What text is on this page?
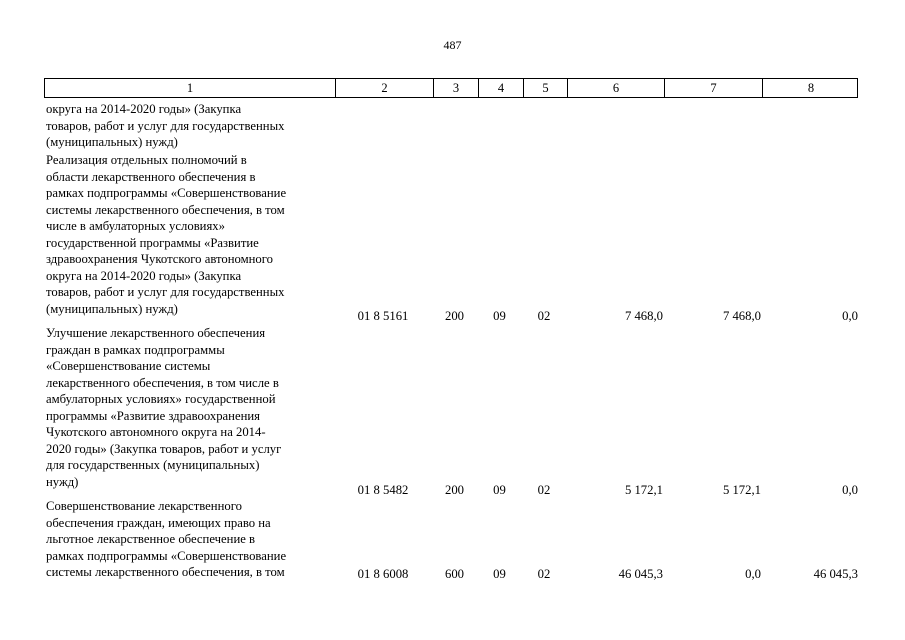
487
1	2	3	4	5	6	7	8
округа на 2014-2020 годы» (Закупка
товаров, работ и услуг для государственных
(муниципальных) нужд)
Реализация отдельных полномочий в
области лекарственного обеспечения в
рамках подпрограммы «Совершенствование
системы лекарственного обеспечения, в том
числе в амбулаторных условиях»
государственной программы «Развитие
здравоохранения Чукотского автономного
округа на 2014-2020 годы» (Закупка
товаров, работ и услуг для государственных
(муниципальных) нужд)
01 8 5161	200	09	02	7 468,0	7 468,0	0,0
Улучшение лекарственного обеспечения
граждан в рамках подпрограммы
«Совершенствование системы
лекарственного обеспечения, в том числе в
амбулаторных условиях» государственной
программы «Развитие здравоохранения
Чукотского автономного округа на 2014-
2020 годы» (Закупка товаров, работ и услуг
для государственных (муниципальных)
нужд)
01 8 5482	200	09	02	5 172,1	5 172,1	0,0
Совершенствование лекарственного
обеспечения граждан, имеющих право на
льготное лекарственное обеспечение в
рамках подпрограммы «Совершенствование
системы лекарственного обеспечения, в том	01 8 6008	600	09	02	46 045,3	0,0	46 045,3
